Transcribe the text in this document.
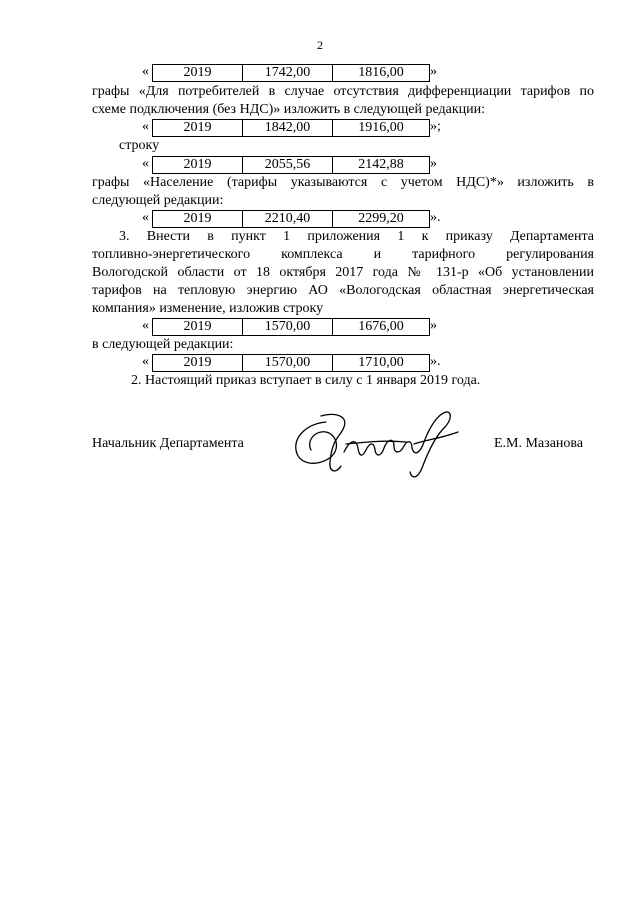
2
« 2019	1742,00	1816,00 »
графы «Для потребителей в случае отсутствия дифференциации тарифов по
схеме подключения (без НДС)» изложить в следующей редакции:
« 2019	1842,00	1916,00 »;
строку
« 2019	2055,56	2142,88 »
графы «Население (тарифы указываются с учетом НДС)*» изложить в
следующей редакции:
« 2019	2210,40	2299,20 ».
3. Внести в пункт 1 приложения 1 к приказу Департамента
топливно-энергетического комплекса и тарифного регулирования
Вологодской области от 18 октября 2017 года № 131-р «Об установлении
тарифов на тепловую энергию АО «Вологодская областная энергетическая
компания» изменение, изложив строку
« 2019	1570,00	1676,00 »
в следующей редакции:
« 2019	1570,00	1710,00 ».
2. Настоящий приказ вступает в силу с 1 января 2019 года.
Начальник Департамента	Е.М. Мазанова
